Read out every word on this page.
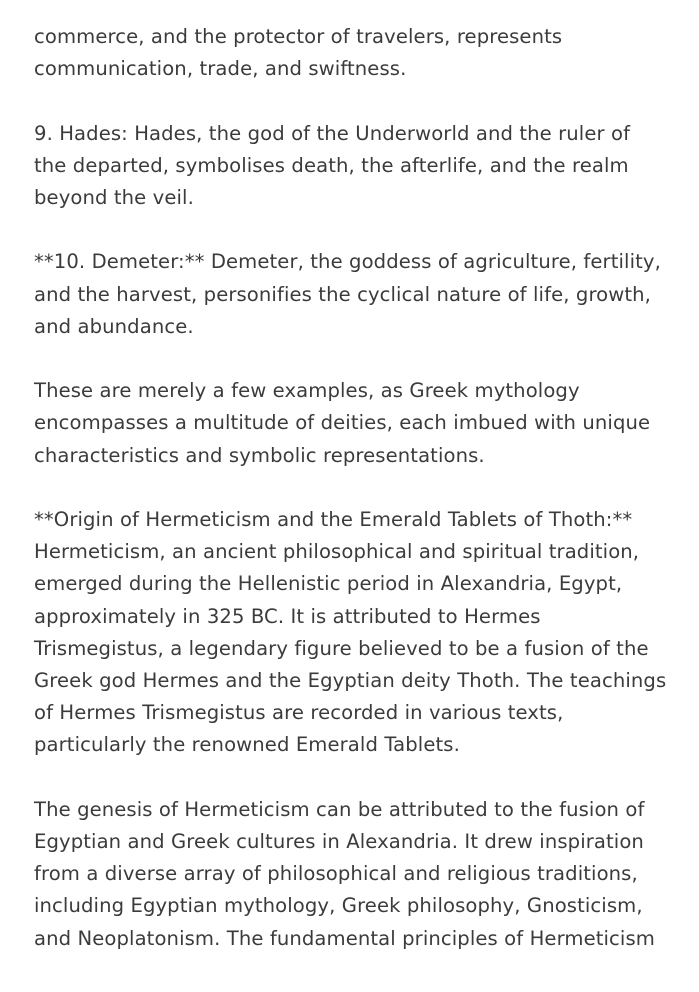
commerce, and the protector of travelers, represents
communication, trade, and swiftness.

9. Hades: Hades, the god of the Underworld and the ruler of
the departed, symbolises death, the afterlife, and the realm
beyond the veil.

**10. Demeter:** Demeter, the goddess of agriculture, fertility,
and the harvest, personifies the cyclical nature of life, growth,
and abundance.

These are merely a few examples, as Greek mythology
encompasses a multitude of deities, each imbued with unique
characteristics and symbolic representations.

**Origin of Hermeticism and the Emerald Tablets of Thoth:**
Hermeticism, an ancient philosophical and spiritual tradition,
emerged during the Hellenistic period in Alexandria, Egypt,
approximately in 325 BC. It is attributed to Hermes
Trismegistus, a legendary figure believed to be a fusion of the
Greek god Hermes and the Egyptian deity Thoth. The teachings
of Hermes Trismegistus are recorded in various texts,
particularly the renowned Emerald Tablets.

The genesis of Hermeticism can be attributed to the fusion of
Egyptian and Greek cultures in Alexandria. It drew inspiration
from a diverse array of philosophical and religious traditions,
including Egyptian mythology, Greek philosophy, Gnosticism,
and Neoplatonism. The fundamental principles of Hermeticism
